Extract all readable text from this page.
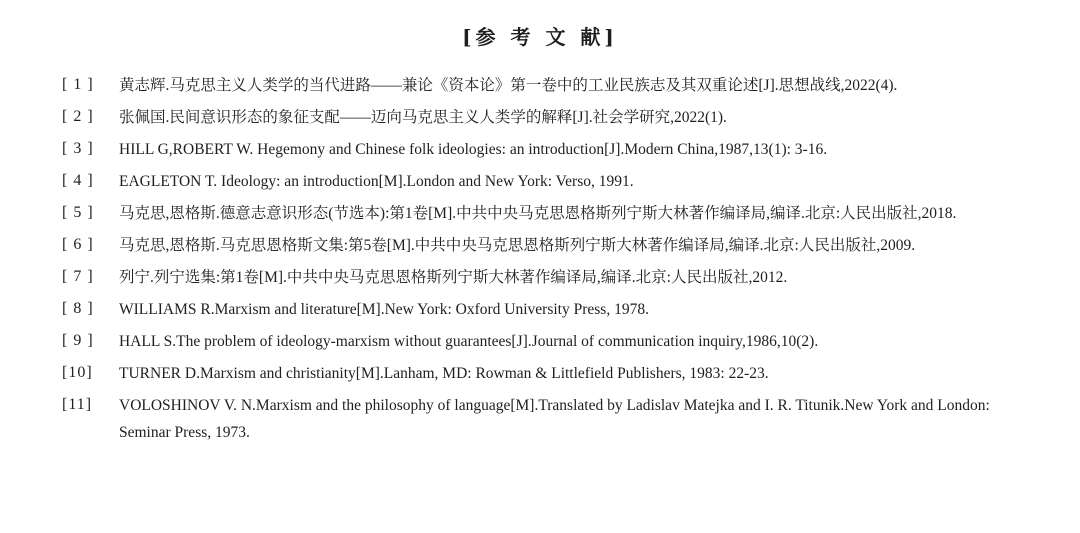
[参 考 文 献]
[ 1 ]	黄志辉.马克思主义人类学的当代进路——兼论《资本论》第一卷中的工业民族志及其双重论述[J].思想战线,2022(4).
[ 2 ]	张佩国.民间意识形态的象征支配——迈向马克思主义人类学的解释[J].社会学研究,2022(1).
[ 3 ]	HILL G,ROBERT W. Hegemony and Chinese folk ideologies: an introduction[J].Modern China,1987,13(1): 3-16.
[ 4 ]	EAGLETON T. Ideology: an introduction[M].London and New York: Verso, 1991.
[ 5 ]	马克思,恩格斯.德意志意识形态(节选本):第1卷[M].中共中央马克思恩格斯列宁斯大林著作编译局,编译.北京:人民出版社,2018.
[ 6 ]	马克思,恩格斯.马克思恩格斯文集:第5卷[M].中共中央马克思恩格斯列宁斯大林著作编译局,编译.北京:人民出版社,2009.
[ 7 ]	列宁.列宁选集:第1卷[M].中共中央马克思恩格斯列宁斯大林著作编译局,编译.北京:人民出版社,2012.
[ 8 ]	WILLIAMS R.Marxism and literature[M].New York: Oxford University Press, 1978.
[ 9 ]	HALL S.The problem of ideology-marxism without guarantees[J].Journal of communication inquiry,1986,10(2).
[10]	TURNER D.Marxism and christianity[M].Lanham, MD: Rowman & Littlefield Publishers, 1983: 22-23.
[11]	VOLOSHINOV V. N.Marxism and the philosophy of language[M].Translated by Ladislav Matejka and I. R. Titunik.New York and London: Seminar Press, 1973.
